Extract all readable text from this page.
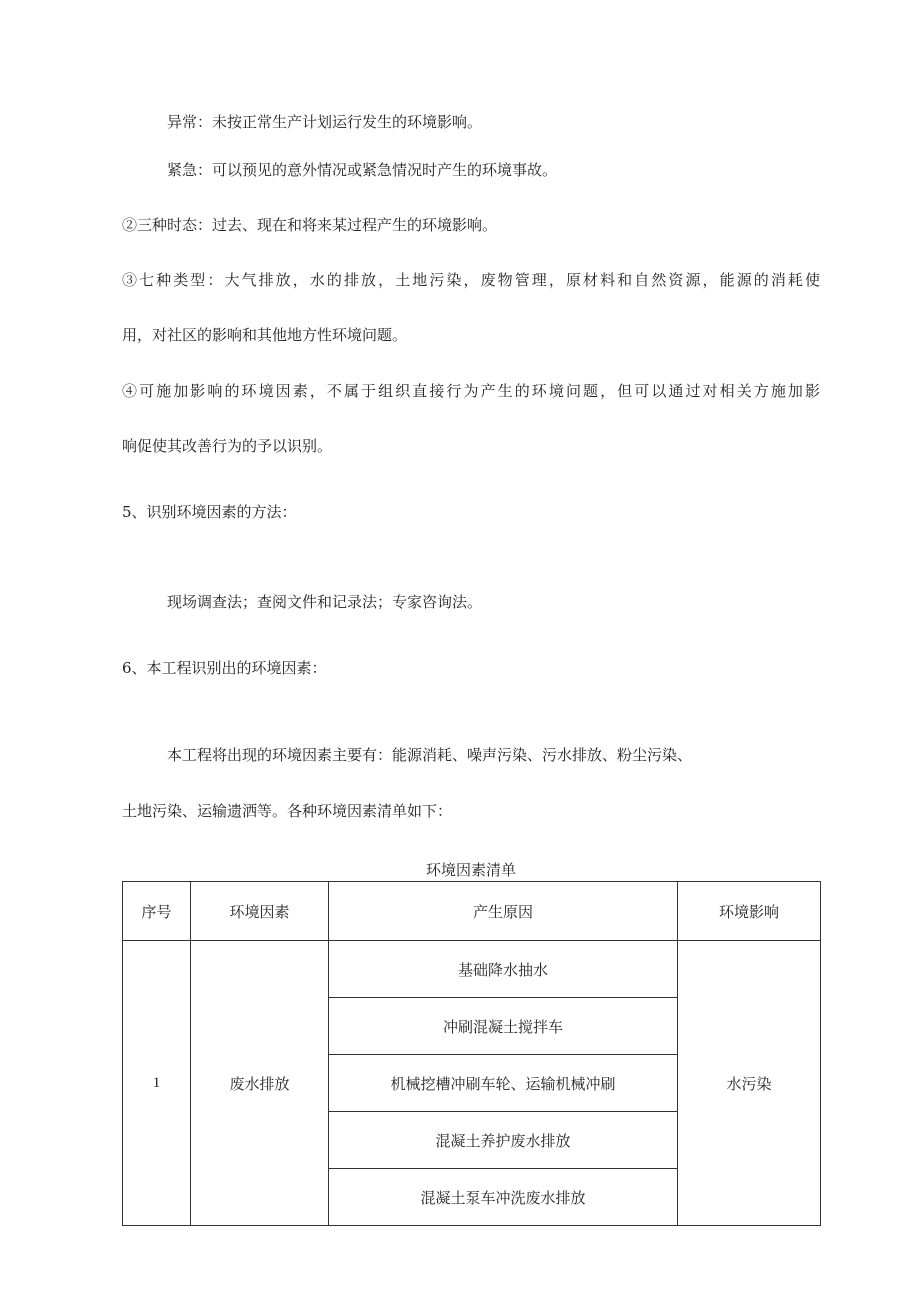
异常：未按正常生产计划运行发生的环境影响。
紧急：可以预见的意外情况或紧急情况时产生的环境事故。
②三种时态：过去、现在和将来某过程产生的环境影响。
③七种类型：大气排放，水的排放，土地污染，废物管理，原材料和自然资源，能源的消耗使
用，对社区的影响和其他地方性环境问题。
④可施加影响的环境因素，不属于组织直接行为产生的环境问题，但可以通过对相关方施加影
响促使其改善行为的予以识别。
5、识别环境因素的方法：
现场调查法；查阅文件和记录法；专家咨询法。
6、本工程识别出的环境因素：
本工程将出现的环境因素主要有：能源消耗、噪声污染、污水排放、粉尘污染、
土地污染、运输遗洒等。各种环境因素清单如下：
环境因素清单
序号	环境因素	产生原因	环境影响
1	废水排放	基础降水抽水	水污染
		冲刷混凝土搅拌车	
		机械挖槽冲刷车轮、运输机械冲刷	
		混凝土养护废水排放	
		混凝土泵车冲洗废水排放	
